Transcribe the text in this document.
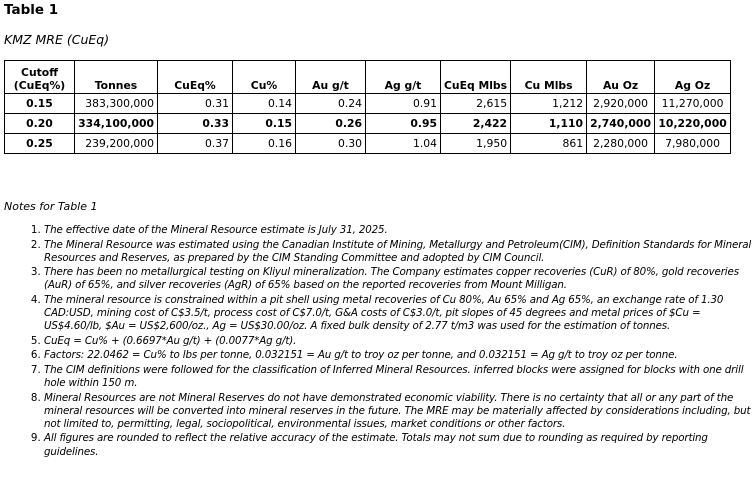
Table 1
KMZ MRE (CuEq)
Cutoff
(CuEq%)	Tonnes	CuEq%	Cu%	Au g/t	Ag g/t	CuEq Mlbs	Cu Mlbs	Au Oz	Ag Oz
0.15	383,300,000	0.31	0.14	0.24	0.91	2,615	1,212	2,920,000	11,270,000
0.20	334,100,000	0.33	0.15	0.26	0.95	2,422	1,110	2,740,000	10,220,000
0.25	239,200,000	0.37	0.16	0.30	1.04	1,950	861	2,280,000	7,980,000
Notes for Table 1
1. The effective date of the Mineral Resource estimate is July 31, 2025.
2. The Mineral Resource was estimated using the Canadian Institute of Mining, Metallurgy and Petroleum(CIM), Definition Standards for Mineral Resources and Reserves, as prepared by the CIM Standing Committee and adopted by CIM Council.
3. There has been no metallurgical testing on Kliyul mineralization. The Company estimates copper recoveries (CuR) of 80%, gold recoveries (AuR) of 65%, and silver recoveries (AgR) of 65% based on the reported recoveries from Mount Milligan.
4. The mineral resource is constrained within a pit shell using metal recoveries of Cu 80%, Au 65% and Ag 65%, an exchange rate of 1.30 CAD:USD, mining cost of C$3.5/t, process cost of C$7.0/t, G&A costs of C$3.0/t, pit slopes of 45 degrees and metal prices of $Cu = US$4.60/lb, $Au = US$2,600/oz., Ag = US$30.00/oz. A fixed bulk density of 2.77 t/m3 was used for the estimation of tonnes.
5. CuEq = Cu% + (0.6697*Au g/t) + (0.0077*Ag g/t).
6. Factors: 22.0462 = Cu% to lbs per tonne, 0.032151 = Au g/t to troy oz per tonne, and 0.032151 = Ag g/t to troy oz per tonne.
7. The CIM definitions were followed for the classification of Inferred Mineral Resources. inferred blocks were assigned for blocks with one drill hole within 150 m.
8. Mineral Resources are not Mineral Reserves do not have demonstrated economic viability. There is no certainty that all or any part of the mineral resources will be converted into mineral reserves in the future. The MRE may be materially affected by considerations including, but not limited to, permitting, legal, sociopolitical, environmental issues, market conditions or other factors.
9. All figures are rounded to reflect the relative accuracy of the estimate. Totals may not sum due to rounding as required by reporting guidelines.
